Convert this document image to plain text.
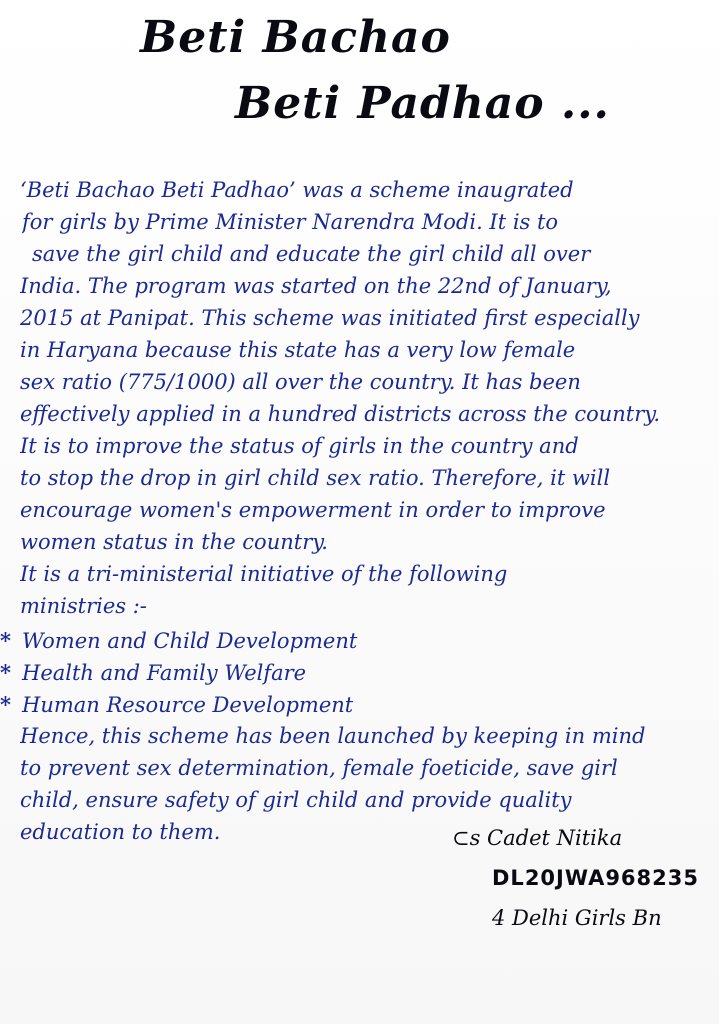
Beti Bachao
Beti Padhao ...
‘Beti Bachao Beti Padhao’ was a scheme inaugrated
for girls by Prime Minister Narendra Modi. It is to
save the girl child and educate the girl child all over
India. The program was started on the 22nd of January,
2015 at Panipat. This scheme was initiated first especially
in Haryana because this state has a very low female
sex ratio (775/1000) all over the country. It has been
effectively applied in a hundred districts across the country.
It is to improve the status of girls in the country and
to stop the drop in girl child sex ratio. Therefore, it will
encourage women's empowerment in order to improve
women status in the country.
It is a tri-ministerial initiative of the following
ministries :-
* Women and Child Development
* Health and Family Welfare
* Human Resource Development
Hence, this scheme has been launched by keeping in mind
to prevent sex determination, female foeticide, save girl
child, ensure safety of girl child and provide quality
education to them.	⊂s Cadet Nitika
DL20JWA968235
4 Delhi Girls Bn
